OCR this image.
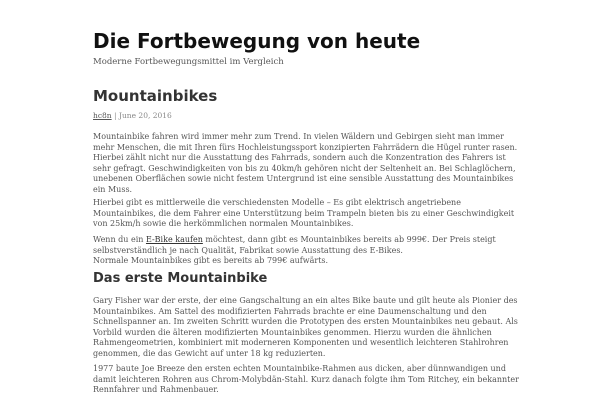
Die Fortbewegung von heute

Moderne Fortbewegungsmittel im Vergleich

Mountainbikes
hc8n | June 20, 2016

Mountainbike fahren wird immer mehr zum Trend. In vielen Wäldern und Gebirgen sieht man immer
mehr Menschen, die mit Ihren fürs Hochleistungssport konzipierten Fahrrädern die Hügel runter rasen.
Hierbei zählt nicht nur die Ausstattung des Fahrrads, sondern auch die Konzentration des Fahrers ist
sehr gefragt. Geschwindigkeiten von bis zu 40km/h gehören nicht der Seltenheit an. Bei Schlaglöchern,
unebenen Oberflächen sowie nicht festem Untergrund ist eine sensible Ausstattung des Mountainbikes
ein Muss.

Hierbei gibt es mittlerweile die verschiedensten Modelle – Es gibt elektrisch angetriebene
Mountainbikes, die dem Fahrer eine Unterstützung beim Trampeln bieten bis zu einer Geschwindigkeit
von 25km/h sowie die herkömmlichen normalen Mountainbikes.

Wenn du ein E-Bike kaufen möchtest, dann gibt es Mountainbikes bereits ab 999€. Der Preis steigt
selbstverständlich je nach Qualität, Fabrikat sowie Ausstattung des E-Bikes.
Normale Mountainbikes gibt es bereits ab 799€ aufwärts.

Das erste Mountainbike

Gary Fisher war der erste, der eine Gangschaltung an ein altes Bike baute und gilt heute als Pionier des
Mountainbikes. Am Sattel des modifizierten Fahrrads brachte er eine Daumenschaltung und den
Schnellspanner an. Im zweiten Schritt wurden die Prototypen des ersten Mountainbikes neu gebaut. Als
Vorbild wurden die älteren modifizierten Mountainbikes genommen. Hierzu wurden die ähnlichen
Rahmengeometrien, kombiniert mit moderneren Komponenten und wesentlich leichteren Stahlrohren
genommen, die das Gewicht auf unter 18 kg reduzierten.

1977 baute Joe Breeze den ersten echten Mountainbike-Rahmen aus dicken, aber dünnwandigen und
damit leichteren Rohren aus Chrom-Molybdän-Stahl. Kurz danach folgte ihm Tom Ritchey, ein bekannter
Rennfahrer und Rahmenbauer.
